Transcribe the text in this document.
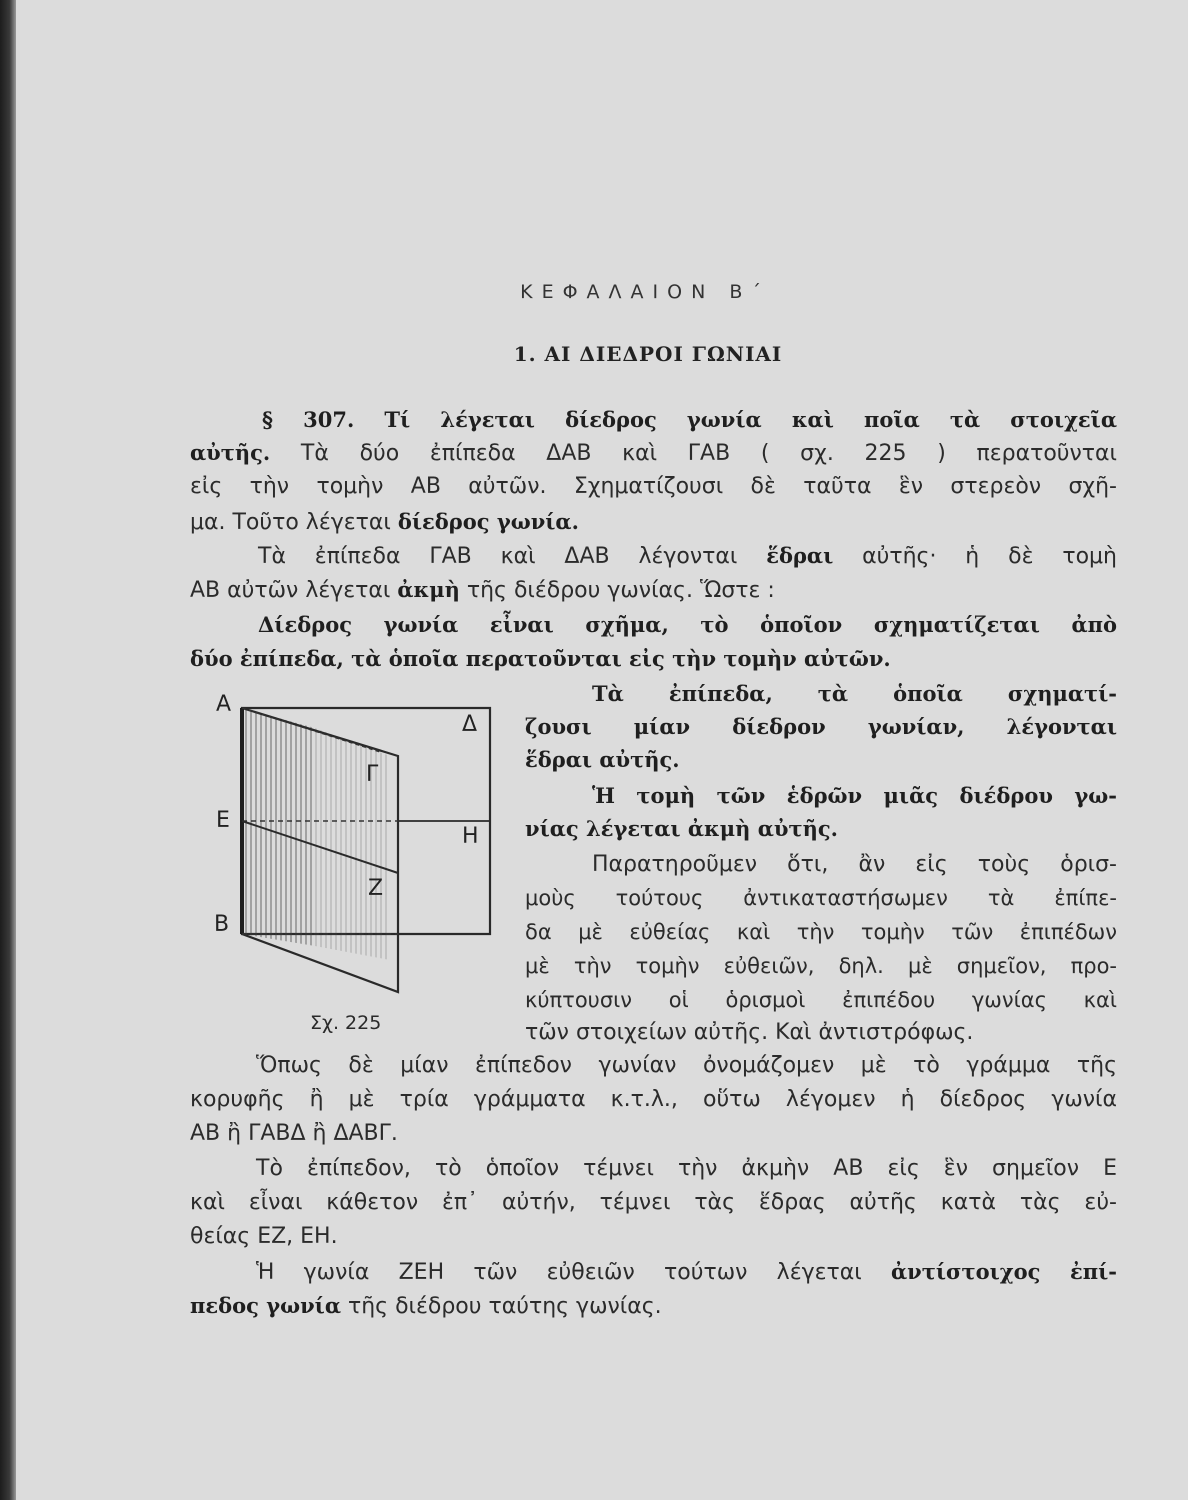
ΚΕΦΑΛΑΙΟΝ Β΄
1. ΑΙ ΔΙΕΔΡΟΙ ΓΩΝΙΑΙ
§ 307. Τί λέγεται δίεδρος γωνία καὶ ποῖα τὰ στοιχεῖα
αὐτῆς. Τὰ δύο ἐπίπεδα ΔΑΒ καὶ ΓΑΒ ( σχ. 225 ) περατοῦνται
εἰς τὴν τομὴν ΑΒ αὐτῶν. Σχηματίζουσι δὲ ταῦτα ἓν στερεὸν σχῆ-
μα. Τοῦτο λέγεται δίεδρος γωνία.
Τὰ ἐπίπεδα ΓΑΒ καὶ ΔΑΒ λέγονται ἕδραι αὐτῆς· ἡ δὲ τομὴ
ΑΒ αὐτῶν λέγεται ἀκμὴ τῆς διέδρου γωνίας. Ὥστε :
Δίεδρος γωνία εἶναι σχῆμα, τὸ ὁποῖον σχηματίζεται ἀπὸ
δύο ἐπίπεδα, τὰ ὁποῖα περατοῦνται εἰς τὴν τομὴν αὐτῶν.
Τὰ ἐπίπεδα, τὰ ὁποῖα σχηματί-
ζουσι μίαν δίεδρον γωνίαν, λέγονται
ἕδραι αὐτῆς.
Ἡ τομὴ τῶν ἑδρῶν μιᾶς διέδρου γω-
νίας λέγεται ἀκμὴ αὐτῆς.
Παρατηροῦμεν ὅτι, ἂν εἰς τοὺς ὁρισ-
μοὺς τούτους ἀντικαταστήσωμεν τὰ ἐπίπε-
δα μὲ εὐθείας καὶ τὴν τομὴν τῶν ἐπιπέδων
μὲ τὴν τομὴν εὐθειῶν, δηλ. μὲ σημεῖον, προ-
κύπτουσιν οἱ ὁρισμοὶ ἐπιπέδου γωνίας καὶ
τῶν στοιχείων αὐτῆς. Καὶ ἀντιστρόφως.
Α
Δ
Γ
Ε
Η
Ζ
Β
Σχ. 225
Ὅπως δὲ μίαν ἐπίπεδον γωνίαν ὀνομάζομεν μὲ τὸ γράμμα τῆς
κορυφῆς ἢ μὲ τρία γράμματα κ.τ.λ., οὕτω λέγομεν ἡ δίεδρος γωνία
ΑΒ ἢ ΓΑΒΔ ἢ ΔΑΒΓ.
Τὸ ἐπίπεδον, τὸ ὁποῖον τέμνει τὴν ἀκμὴν ΑΒ εἰς ἓν σημεῖον Ε
καὶ εἶναι κάθετον ἐπ᾽ αὐτήν, τέμνει τὰς ἕδρας αὐτῆς κατὰ τὰς εὐ-
θείας ΕΖ, ΕΗ.
Ἡ γωνία ΖΕΗ τῶν εὐθειῶν τούτων λέγεται ἀντίστοιχος ἐπί-
πεδος γωνία τῆς διέδρου ταύτης γωνίας.
